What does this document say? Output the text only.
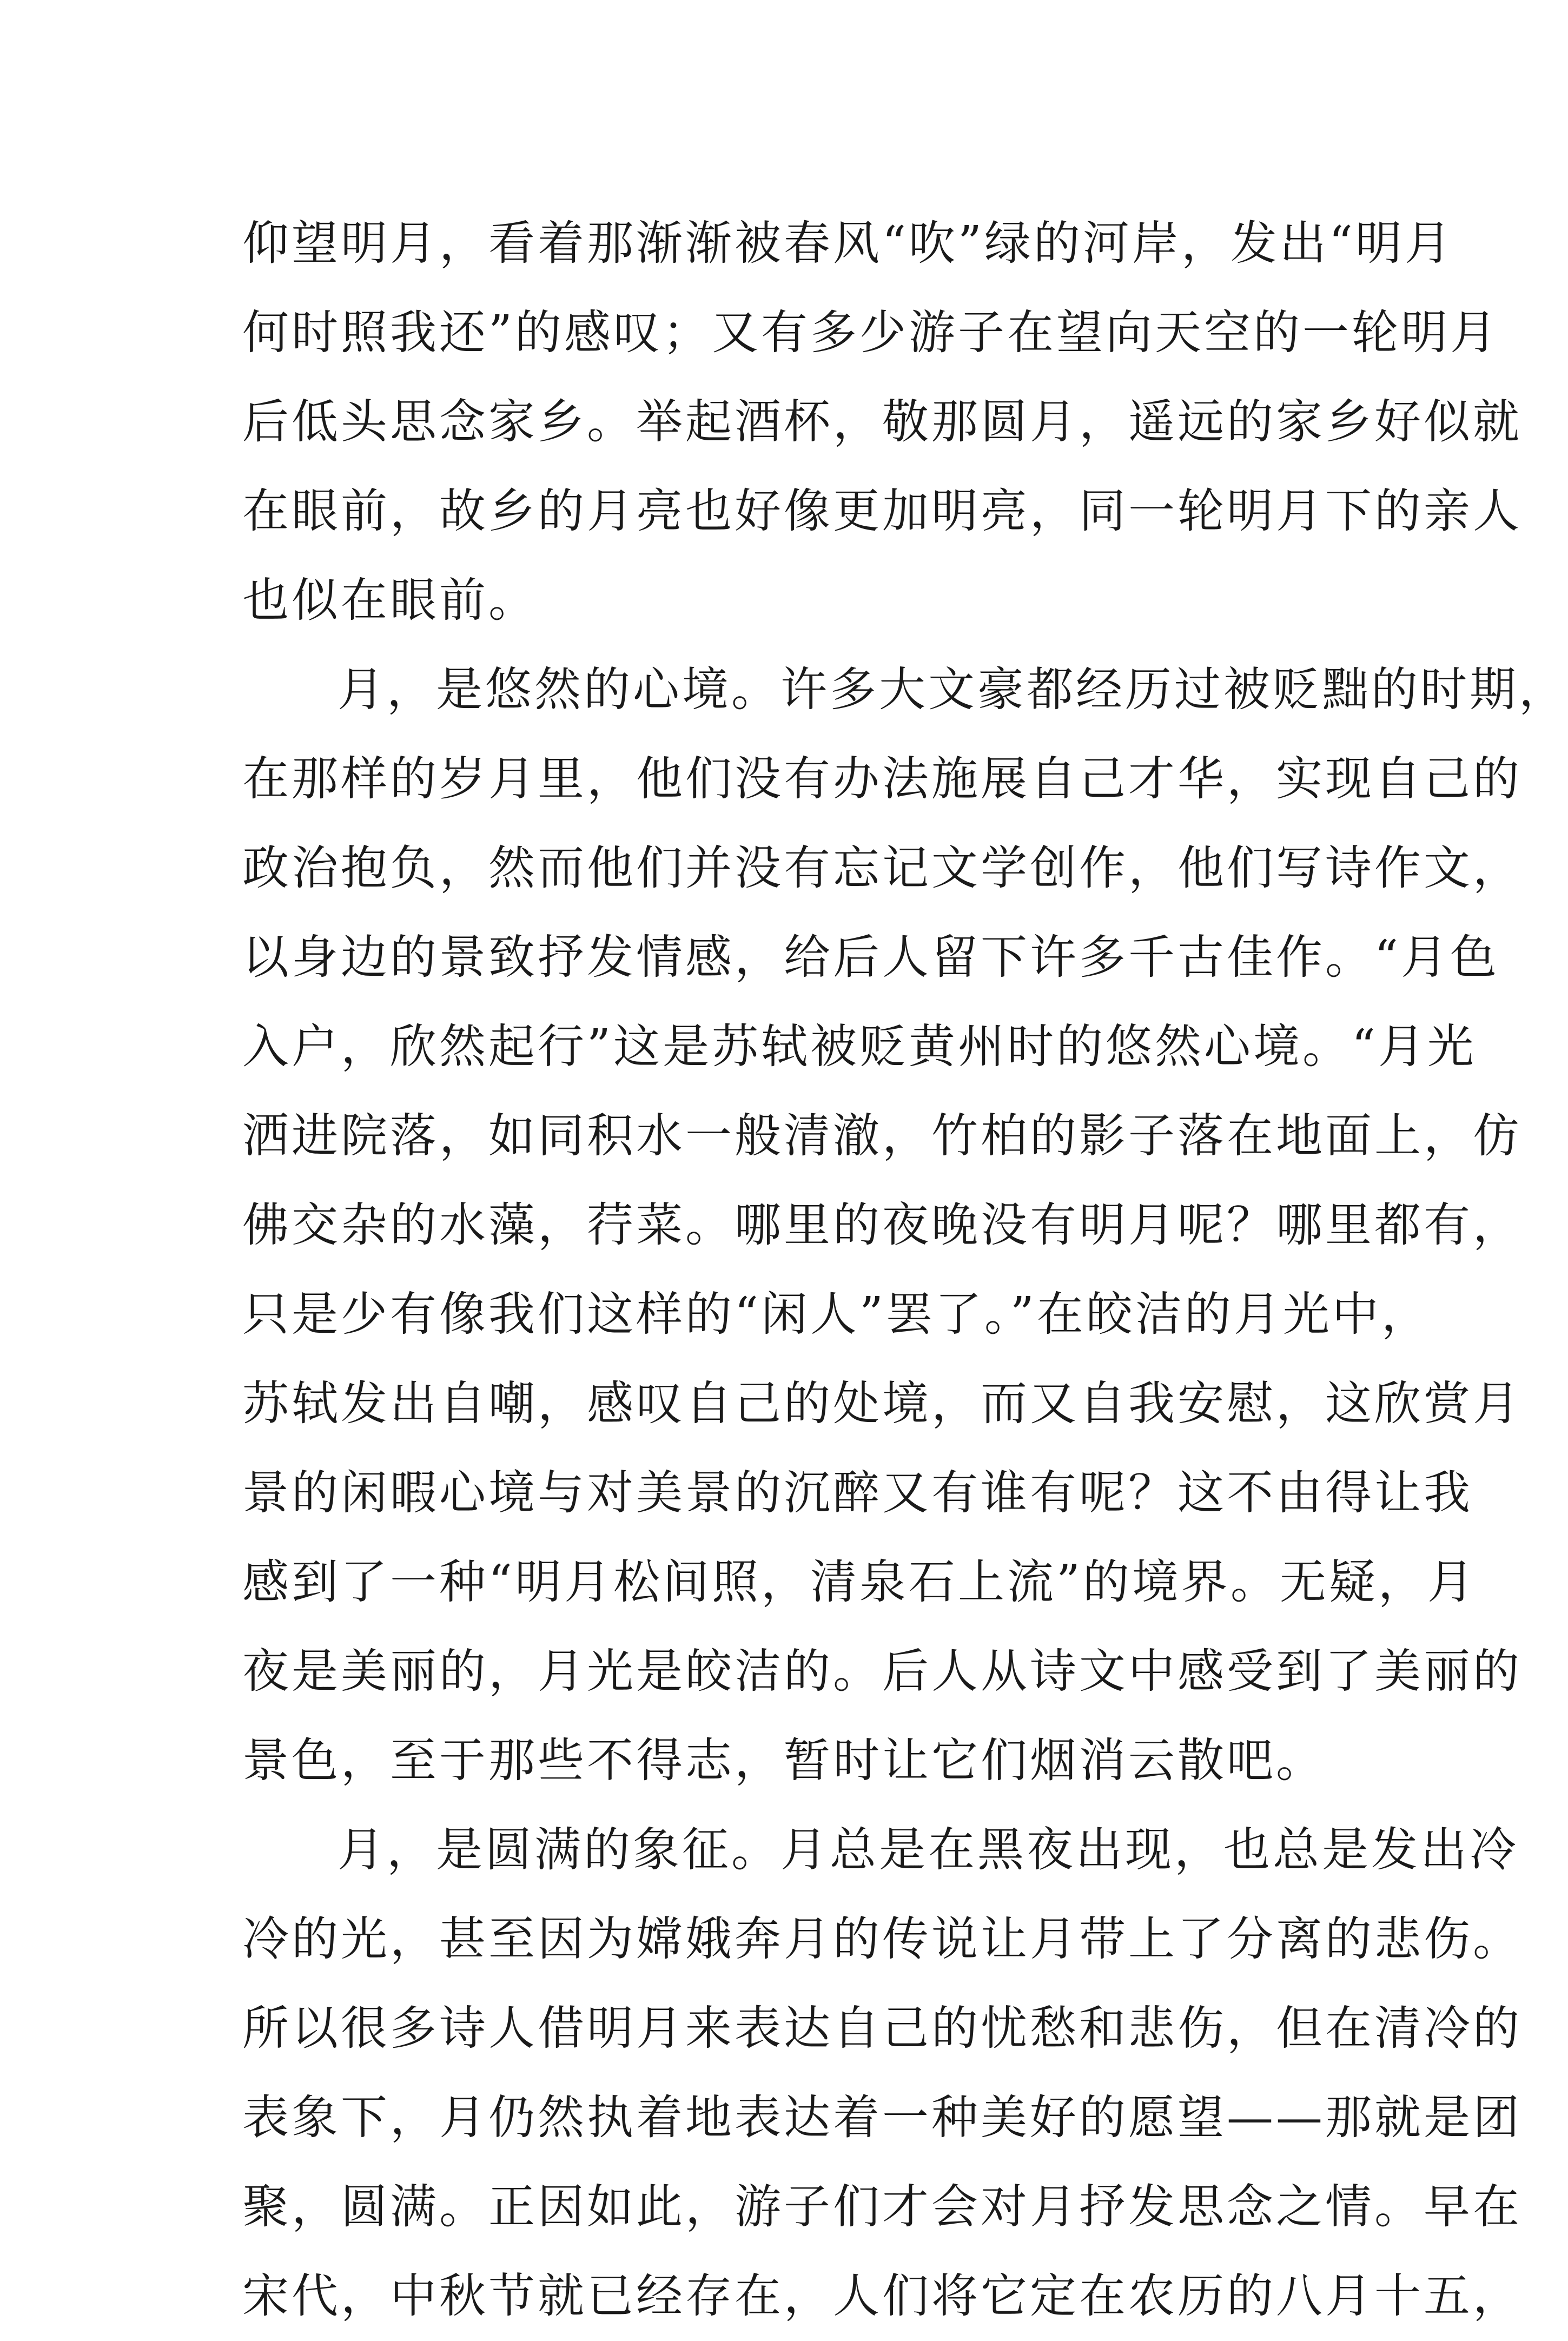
仰望明月，看着那渐渐被春风“吹”绿的河岸，发出“明月
何时照我还”的感叹；又有多少游子在望向天空的一轮明月
后低头思念家乡。举起酒杯，敬那圆月，遥远的家乡好似就
在眼前，故乡的月亮也好像更加明亮，同一轮明月下的亲人
也似在眼前。
月，是悠然的心境。许多大文豪都经历过被贬黜的时期，
在那样的岁月里，他们没有办法施展自己才华，实现自己的
政治抱负，然而他们并没有忘记文学创作，他们写诗作文，
以身边的景致抒发情感，给后人留下许多千古佳作。“月色
入户，欣然起行”这是苏轼被贬黄州时的悠然心境。“月光
洒进院落，如同积水一般清澈，竹柏的影子落在地面上，仿
佛交杂的水藻，荇菜。哪里的夜晚没有明月呢？哪里都有，
只是少有像我们这样的“闲人”罢了。”在皎洁的月光中，
苏轼发出自嘲，感叹自己的处境，而又自我安慰，这欣赏月
景的闲暇心境与对美景的沉醉又有谁有呢？这不由得让我
感到了一种“明月松间照，清泉石上流”的境界。无疑，月
夜是美丽的，月光是皎洁的。后人从诗文中感受到了美丽的
景色，至于那些不得志，暂时让它们烟消云散吧。
月，是圆满的象征。月总是在黑夜出现，也总是发出冷
冷的光，甚至因为嫦娥奔月的传说让月带上了分离的悲伤。
所以很多诗人借明月来表达自己的忧愁和悲伤，但在清冷的
表象下，月仍然执着地表达着一种美好的愿望——那就是团
聚，圆满。正因如此，游子们才会对月抒发思念之情。早在
宋代，中秋节就已经存在，人们将它定在农历的八月十五，
